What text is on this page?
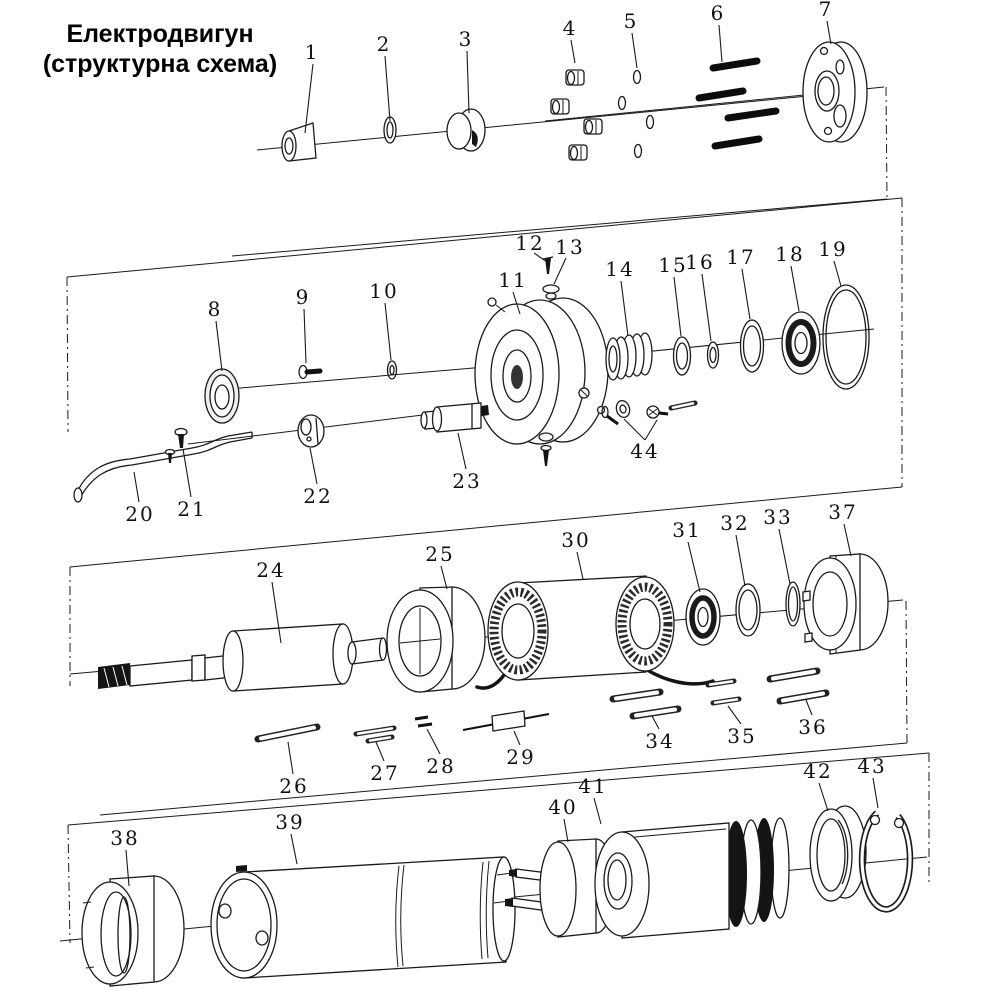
Електродвигун
(структурна схема)	1	2	3	4 5	6	7
8	9	10	11
12 13
14 15
16 17 18 19
20 21
22
23
24
25
26
27 28	29
30	31 32 33
34	35 36
37
38
39
40
41
42 43
44
